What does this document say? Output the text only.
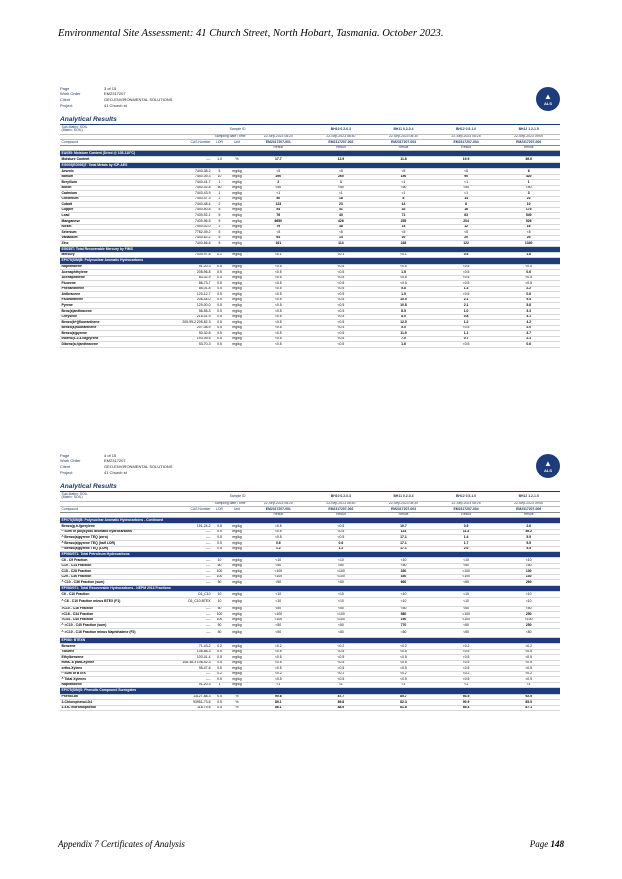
Environmental Site Assessment: 41 Church Street, North Hobart, Tasmania. October 2023.
Page	3 of 15
Work Order	EM2317207
Client	GEO-ENVIRONMENTAL SOLUTIONS
Project	41 Church st
▲
ALS
Analytical Results
Sub-Matrix: SOIL
(Matrix: SOIL)	Sample ID				BH10 0.2-0.3	BH11 0.2-0.4	BH12 0.5-1.0	BH12 1.2-1.5	
Sampling date / time				22-Sep-2023 08:20	22-Sep-2023 08:40	22-Sep-2023 08:30	22-Sep-2023 08:25	22-Sep-2023 09:00	
Compound	CAS Number	LOR	Unit	EM2317207-001	EM2317207-002	EM2317207-003	EM2317207-004	EM2317207-006	
				Result	Result	Result	Result	Result	
EA055: Moisture Content (Dried @ 105-110°C)									
Moisture Content	----	1.0	%	17.7	12.9	11.8	19.9	36.6	
EG005(ED093)T: Total Metals by ICP-AES									
Arsenic	7440-38-2	5	mg/kg	<5	<5	<5	<5	6	
Barium	7440-39-3	10	mg/kg	290	260	150	90	420	
Beryllium	7440-41-7	1	mg/kg	2	1	<1	<1	1	
Boron	7440-42-8	50	mg/kg	<50	<50	<50	<50	<50	
Cadmium	7440-43-9	1	mg/kg	<1	<1	<1	<1	3	
Chromium	7440-47-3	2	mg/kg	50	18	8	14	22	
Cobalt	7440-48-4	2	mg/kg	123	23	14	8	10	
Copper	7440-50-8	5	mg/kg	54	31	32	16	175	
Lead	7439-92-1	5	mg/kg	76	40	71	63	549	
Manganese	7439-96-5	5	mg/kg	6650	426	255	204	526	
Nickel	7440-02-0	2	mg/kg	79	38	14	12	16	
Selenium	7782-49-2	5	mg/kg	<5	<5	<5	<5	<5	
Vanadium	7440-62-2	5	mg/kg	64	14	20	20	25	
Zinc	7440-66-6	5	mg/kg	161	114	248	122	1340	
EG035T: Total Recoverable Mercury by FIMS									
Mercury	7439-97-6	0.1	mg/kg	<0.1	<0.1	<0.1	0.5	1.6	
EP075(SIM)B: Polynuclear Aromatic Hydrocarbons									
Naphthalene	91-20-3	0.5	mg/kg	<0.5	<0.5	<0.5	<0.5	<0.5	
Acenaphthylene	208-96-8	0.5	mg/kg	<0.5	<0.5	1.5	<0.5	0.6	
Acenaphthene	83-32-9	0.5	mg/kg	<0.5	<0.5	<0.5	<0.5	<0.5	
Fluorene	86-73-7	0.5	mg/kg	<0.5	<0.5	<0.5	<0.5	<0.5	
Phenanthrene	85-01-8	0.5	mg/kg	<0.5	<0.5	5.8	1.3	2.2	
Anthracene	120-12-7	0.5	mg/kg	<0.5	<0.5	1.9	<0.5	0.6	
Fluoranthene	206-44-0	0.5	mg/kg	<0.5	<0.5	10.5	2.1	5.4	
Pyrene	129-00-0	0.5	mg/kg	<0.5	<0.5	10.8	2.1	5.8	
Benz(a)anthracene	56-55-3	0.5	mg/kg	<0.5	<0.5	8.5	1.0	3.3	
Chrysene	218-01-9	0.5	mg/kg	<0.5	<0.5	8.0	0.8	3.1	
Benzo(b+j)fluoranthene	205-99-2 205-82-3	0.5	mg/kg	<0.5	<0.5	12.5	1.2	4.2	
Benzo(k)fluoranthene	207-08-9	0.5	mg/kg	<0.5	<0.5	5.0	<0.5	2.0	
Benzo(a)pyrene	50-32-8	0.5	mg/kg	<0.5	<0.5	11.9	1.1	3.7	
Indeno(1.2.3.cd)pyrene	193-39-5	0.5	mg/kg	<0.5	<0.5	7.0	0.7	2.1	
Dibenz(a.h)anthracene	53-70-3	0.5	mg/kg	<0.5	<0.5	1.6	<0.5	0.6	
Page	4 of 15
Work Order	EM2317207
Client	GEO-ENVIRONMENTAL SOLUTIONS
Project	41 Church st
▲
ALS
Analytical Results
Sub-Matrix: SOIL
(Matrix: SOIL)	Sample ID				BH10 0.2-0.3	BH11 0.2-0.4	BH12 0.5-1.0	BH12 1.2-1.5	
Sampling date / time				22-Sep-2023 08:20	22-Sep-2023 08:40	22-Sep-2023 08:30	22-Sep-2023 08:25	22-Sep-2023 09:00	
Compound	CAS Number	LOR	Unit	EM2317207-001	EM2317207-002	EM2317207-003	EM2317207-004	EM2317207-006	
				Result	Result	Result	Result	Result	
EP075(SIM)B: Polynuclear Aromatic Hydrocarbons - Continued									
Benzo(g.h.i)perylene	191-24-2	0.5	mg/kg	<0.5	<0.5	10.7	0.9	2.6	
^ Sum of polycyclic aromatic hydrocarbons	----	0.5	mg/kg	<0.5	<0.5	114	11.3	36.2	
^ Benzo(a)pyrene TEQ (zero)	----	0.5	mg/kg	<0.5	<0.5	17.1	1.4	5.5	
^ Benzo(a)pyrene TEQ (half LOR)	----	0.5	mg/kg	0.6	0.6	17.1	1.7	5.5	
^ Benzo(a)pyrene TEQ (LOR)	----	0.5	mg/kg	1.2	1.2	17.1	2.0	5.5	
EP080/071: Total Petroleum Hydrocarbons									
C6 - C9 Fraction	----	10	mg/kg	<10	<10	<10	<10	<10	
C10 - C14 Fraction	----	50	mg/kg	<50	<50	<50	<50	<50	
C15 - C28 Fraction	----	100	mg/kg	<100	<100	330	<100	130	
C29 - C36 Fraction	----	100	mg/kg	<100	<100	330	<100	130	
^ C10 - C36 Fraction (sum)	----	50	mg/kg	<50	<50	660	<50	260	
EP080/071: Total Recoverable Hydrocarbons - NEPM 2013 Fractions									
C6 - C10 Fraction	C6_C10	10	mg/kg	<10	<10	<10	<10	<10	
^ C6 - C10 Fraction minus BTEX (F1)	C6_C10-BTEX	10	mg/kg	<10	<10	<10	<10	<10	
>C10 - C16 Fraction	----	50	mg/kg	<50	<50	<50	<50	<50	
>C16 - C34 Fraction	----	100	mg/kg	<100	<100	580	<100	250	
>C34 - C40 Fraction	----	100	mg/kg	<100	<100	190	<100	<100	
^ >C10 - C40 Fraction (sum)	----	50	mg/kg	<50	<50	770	<50	250	
^ >C10 - C16 Fraction minus Naphthalene (F2)	----	50	mg/kg	<50	<50	<50	<50	<50	
EP080: BTEXN									
Benzene	71-43-2	0.2	mg/kg	<0.2	<0.2	<0.2	<0.2	<0.2	
Toluene	108-88-3	0.5	mg/kg	<0.5	<0.5	<0.5	<0.5	<0.5	
Ethylbenzene	100-41-4	0.5	mg/kg	<0.5	<0.5	<0.5	<0.5	<0.5	
meta- & para-Xylene	108-38-3 106-42-3	0.5	mg/kg	<0.5	<0.5	<0.5	<0.5	<0.5	
ortho-Xylene	95-47-6	0.5	mg/kg	<0.5	<0.5	<0.5	<0.5	<0.5	
^ Sum of BTEX	----	0.2	mg/kg	<0.2	<0.2	<0.2	<0.2	<0.2	
^ Total Xylenes	----	0.5	mg/kg	<0.5	<0.5	<0.5	<0.5	<0.5	
Naphthalene	91-20-3	1	mg/kg	<1	<1	<1	<1	<1	
EP075(SIM)S: Phenolic Compound Surrogates									
Phenol-d6	13127-88-3	0.5	%	90.6	87.7	85.7	93.5	92.5	
2-Chlorophenol-D4	93951-73-6	0.5	%	89.1	89.8	82.3	90.9	85.5	
2.4.6-Tribromophenol	118-79-6	0.5	%	86.1	88.5	81.8	85.4	87.1	
Appendix 7 Certificates of Analysis	Page 148
